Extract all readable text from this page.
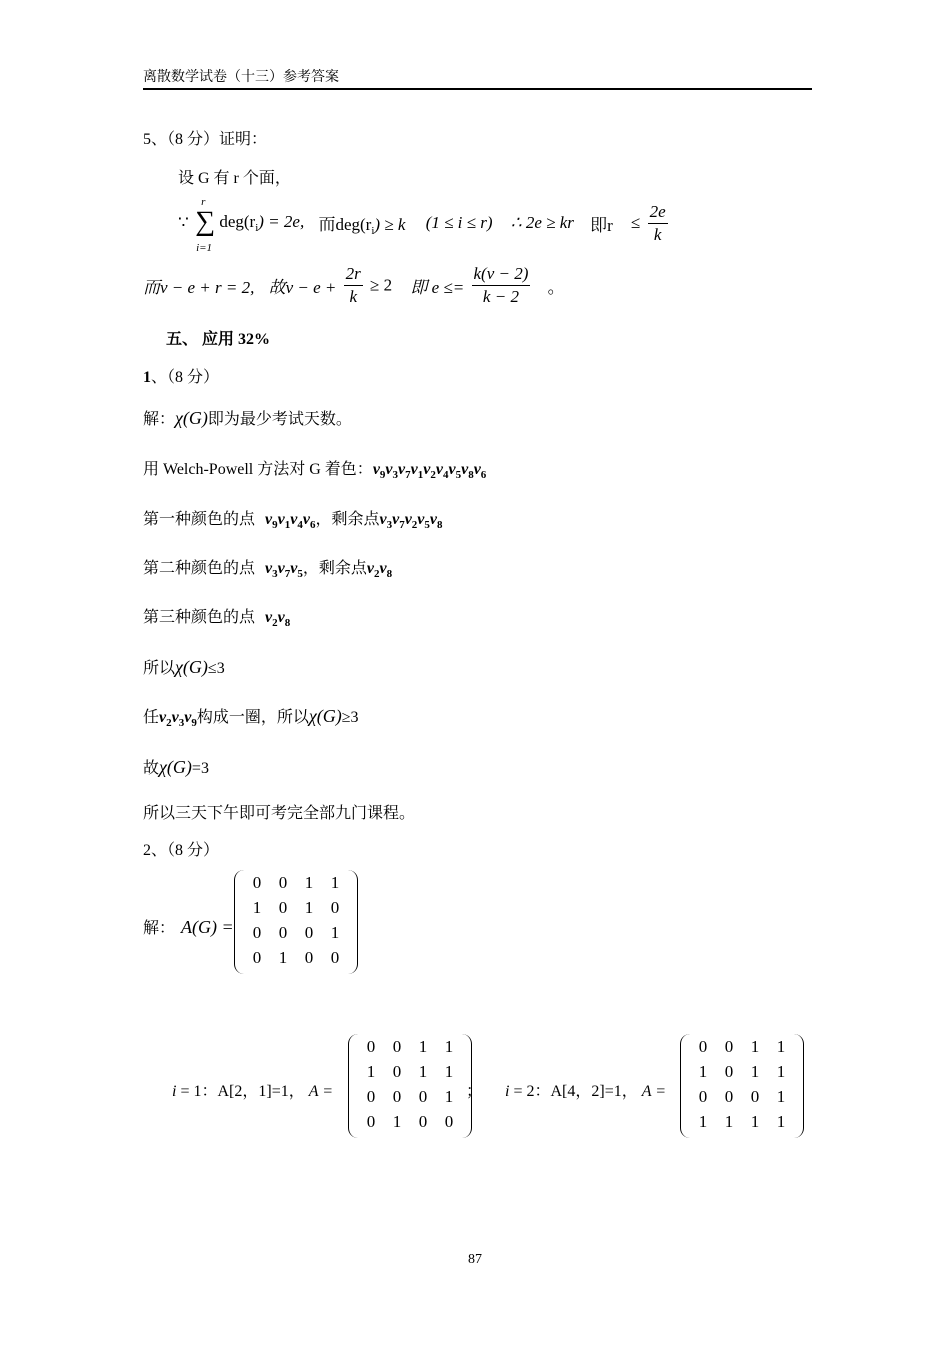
离散数学试卷（十三）参考答案
5、（8 分）证明：
设 G 有 r 个面，
∵
r
∑
i=1
$deg(r_i) = 2e$, 而$deg(r_i) \ge k$ (1 ≤ i ≤ r) ∴ 2e ≥ kr 即$r \le \frac{2e}{k}$
而v − e + r = 2, 故$v - e + \frac{2r}{k} \ge 2$ 即 $e \le= \frac{k(v - 2)}{k - 2}$ 。
五、 应用 32%
1、（8 分）
解：χ(G)即为最少考试天数。
用 Welch-Powell 方法对 G 着色：$v_9v_3v_7v_1v_2v_4v_5v_8v_6$
第一种颜色的点 $v_9v_1v_4v_6$，剩余点$v_3v_7v_2v_5v_8$
第二种颜色的点 $v_3v_7v_5$，剩余点$v_2v_8$
第三种颜色的点 $v_2v_8$
所以χ(G)≤3
任$v_2v_3v_9$构成一圈，所以χ(G)≥3
故χ(G)=3
所以三天下午即可考完全部九门课程。
2、（8 分）
解： A(G) =
0	0	1	1
1	0	1	0
0	0	0	1
0	1	0	0
i = 1：A[2，1]=1， A =
0	0	1	1
1	0	1	1
0	0	0	1
0	1	0	0
； i = 2：A[4，2]=1， A =
0	0	1	1
1	0	1	1
0	0	0	1
1	1	1	1
87
